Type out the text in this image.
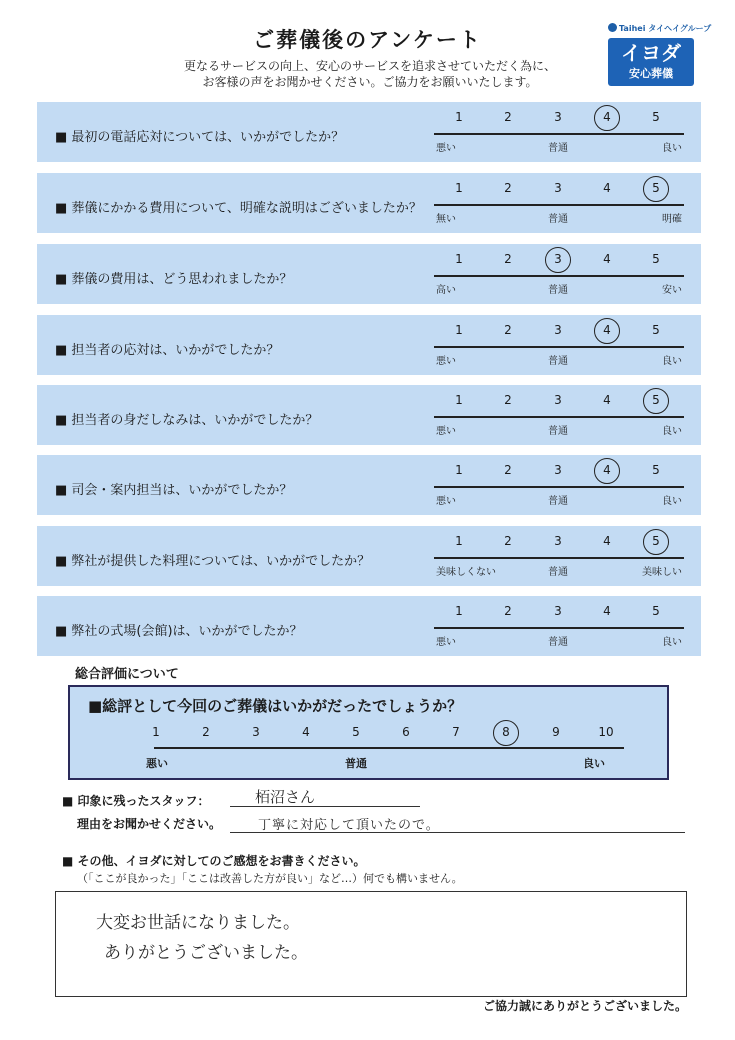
ご葬儀後のアンケート
更なるサービスの向上、安心のサービスを追求させていただく為に、
お客様の声をお聞かせください。ご協力をお願いいたします。
Taihei タイヘイグループ
イヨダ
安心葬儀
■ 最初の電話応対については、いかがでしたか？
1	2	3	4	5
悪い	普通	良い
■ 葬儀にかかる費用について、明確な説明はございましたか？
1	2	3	4	5
無い	普通	明確
■ 葬儀の費用は、どう思われましたか？
1	2	3	4	5
高い	普通	安い
■ 担当者の応対は、いかがでしたか？
1	2	3	4	5
悪い	普通	良い
■ 担当者の身だしなみは、いかがでしたか？
1	2	3	4	5
悪い	普通	良い
■ 司会・案内担当は、いかがでしたか？
1	2	3	4	5
悪い	普通	良い
■ 弊社が提供した料理については、いかがでしたか？
1	2	3	4	5
美味しくない	普通	美味しい
■ 弊社の式場(会館)は、いかがでしたか？
1	2	3	4	5
悪い	普通	良い
総合評価について
■総評として今回のご葬儀はいかがだったでしょうか？
1	2	3	4	5	6	7	8	9	10
悪い	普通	良い
■ 印象に残ったスタッフ：	栢沼さん
理由をお聞かせください。	丁寧に対応して頂いたので。
■ その他、イヨダに対してのご感想をお書きください。
（「ここが良かった」「ここは改善した方が良い」など…）何でも構いません。
大変お世話になりました。
ありがとうございました。
ご協力誠にありがとうございました。
